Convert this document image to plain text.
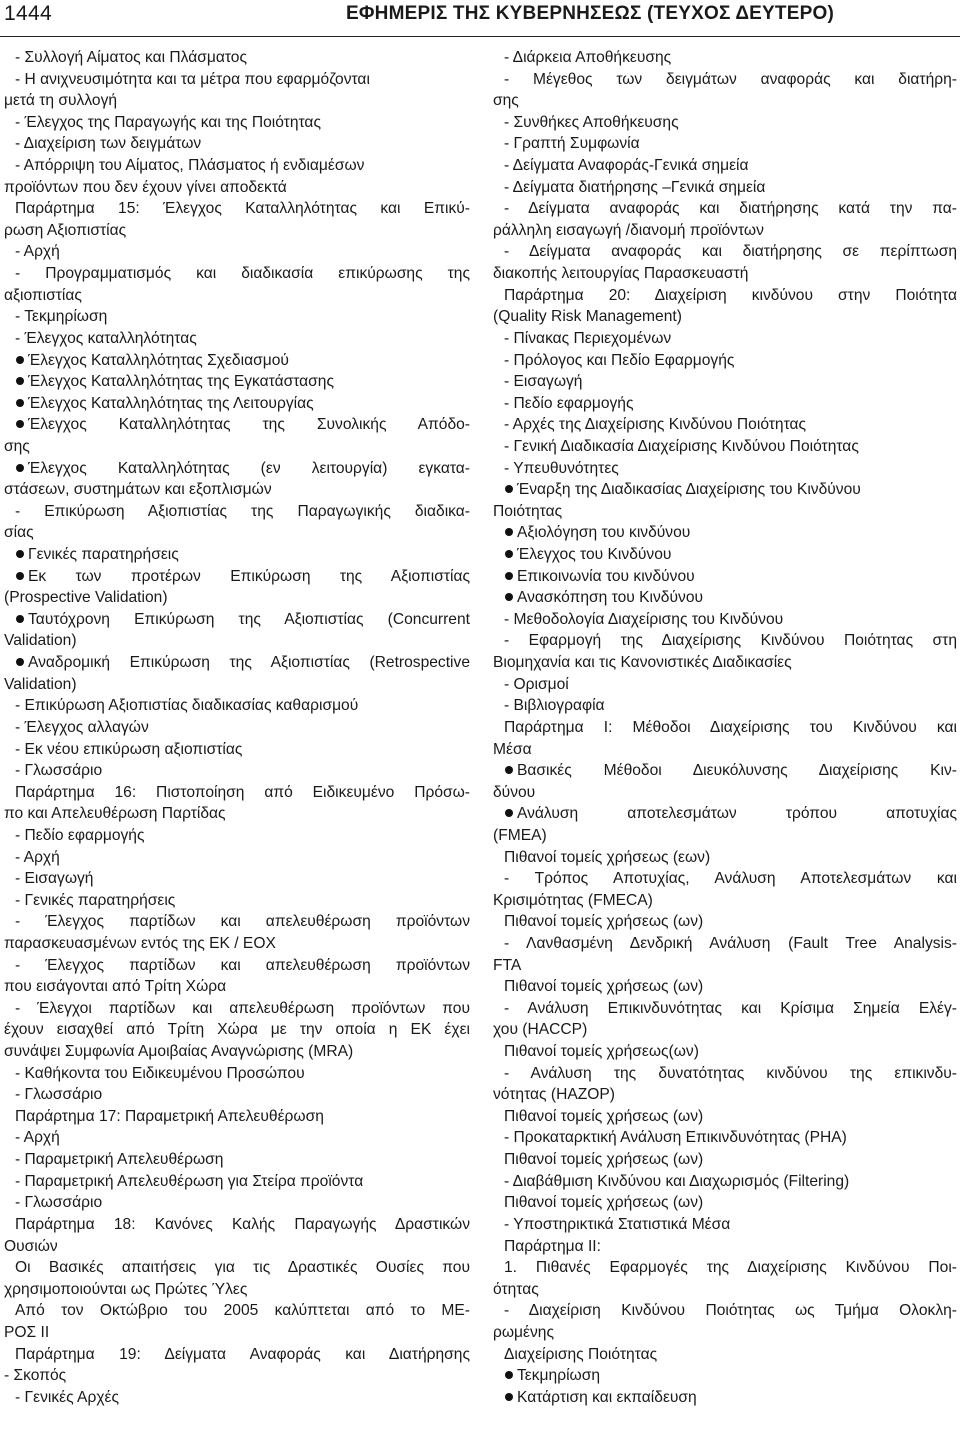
1444	ΕΦΗΜΕΡΙΣ ΤΗΣ ΚΥΒΕΡΝΗΣΕΩΣ (ΤΕΥΧΟΣ ΔΕΥΤΕΡΟ)
- Συλλογή Αίματος και Πλάσματος
- Η ανιχνευσιμότητα και τα μέτρα που εφαρμόζονται
μετά τη συλλογή
- Έλεγχος της Παραγωγής και της Ποιότητας
- Διαχείριση των δειγμάτων
- Απόρριψη του Αίματος, Πλάσματος ή ενδιαμέσων
προϊόντων που δεν έχουν γίνει αποδεκτά
Παράρτημα 15: Έλεγχος Καταλληλότητας και Επικύ-
ρωση Αξιοπιστίας
- Αρχή
- Προγραμματισμός και διαδικασία επικύρωσης της
αξιοπιστίας
- Τεκμηρίωση
- Έλεγχος καταλληλότητας
Έλεγχος Καταλληλότητας Σχεδιασμού
Έλεγχος Καταλληλότητας της Εγκατάστασης
Έλεγχος Καταλληλότητας της Λειτουργίας
Έλεγχος Καταλληλότητας της Συνολικής Απόδο-
σης
Έλεγχος Καταλληλότητας (εν λειτουργία) εγκατα-
στάσεων, συστημάτων και εξοπλισμών
- Επικύρωση Αξιοπιστίας της Παραγωγικής διαδικα-
σίας
Γενικές παρατηρήσεις
Εκ των προτέρων Επικύρωση της Αξιοπιστίας
(Prospective Validation)
Ταυτόχρονη Επικύρωση της Αξιοπιστίας (Concurrent
Validation)
Αναδρομική Επικύρωση της Αξιοπιστίας (Retrospective
Validation)
- Επικύρωση Αξιοπιστίας διαδικασίας καθαρισμού
- Έλεγχος αλλαγών
- Εκ νέου επικύρωση αξιοπιστίας
- Γλωσσάριο
Παράρτημα 16: Πιστοποίηση από Ειδικευμένο Πρόσω-
πο και Απελευθέρωση Παρτίδας
- Πεδίο εφαρμογής
- Αρχή
- Εισαγωγή
- Γενικές παρατηρήσεις
- Έλεγχος παρτίδων και απελευθέρωση προϊόντων
παρασκευασμένων εντός της ΕΚ / ΕΟΧ
- Έλεγχος παρτίδων και απελευθέρωση προϊόντων
που εισάγονται από Τρίτη Χώρα
- Έλεγχοι παρτίδων και απελευθέρωση προϊόντων που
έχουν εισαχθεί από Τρίτη Χώρα με την οποία η ΕΚ έχει
συνάψει Συμφωνία Αμοιβαίας Αναγνώρισης (MRA)
- Καθήκοντα του Ειδικευμένου Προσώπου
- Γλωσσάριο
Παράρτημα 17: Παραμετρική Απελευθέρωση
- Αρχή
- Παραμετρική Απελευθέρωση
- Παραμετρική Απελευθέρωση για Στείρα προϊόντα
- Γλωσσάριο
Παράρτημα 18: Κανόνες Καλής Παραγωγής Δραστικών
Ουσιών
Οι Βασικές απαιτήσεις για τις Δραστικές Ουσίες που
χρησιμοποιούνται ως Πρώτες Ύλες
Από τον Οκτώβριο του 2005 καλύπτεται από το ΜΕ-
ΡΟΣ ΙΙ
Παράρτημα 19: Δείγματα Αναφοράς και Διατήρησης
- Σκοπός
- Γενικές Αρχές
- Διάρκεια Αποθήκευσης
- Μέγεθος των δειγμάτων αναφοράς και διατήρη-
σης
- Συνθήκες Αποθήκευσης
- Γραπτή Συμφωνία
- Δείγματα Αναφοράς-Γενικά σημεία
- Δείγματα διατήρησης –Γενικά σημεία
- Δείγματα αναφοράς και διατήρησης κατά την πα-
ράλληλη εισαγωγή /διανομή προϊόντων
- Δείγματα αναφοράς και διατήρησης σε περίπτωση
διακοπής λειτουργίας Παρασκευαστή
Παράρτημα 20: Διαχείριση κινδύνου στην Ποιότητα
(Quality Risk Management)
- Πίνακας Περιεχομένων
- Πρόλογος και Πεδίο Εφαρμογής
- Εισαγωγή
- Πεδίο εφαρμογής
- Αρχές της Διαχείρισης Κινδύνου Ποιότητας
- Γενική Διαδικασία Διαχείρισης Κινδύνου Ποιότητας
- Υπευθυνότητες
Έναρξη της Διαδικασίας Διαχείρισης του Κινδύνου
Ποιότητας
Αξιολόγηση του κινδύνου
Έλεγχος του Κινδύνου
Επικοινωνία του κινδύνου
Ανασκόπηση του Κινδύνου
- Μεθοδολογία Διαχείρισης του Κινδύνου
- Εφαρμογή της Διαχείρισης Κινδύνου Ποιότητας στη
Βιομηχανία και τις Κανονιστικές Διαδικασίες
- Ορισμοί
- Βιβλιογραφία
Παράρτημα Ι: Μέθοδοι Διαχείρισης του Κινδύνου και
Μέσα
Βασικές Μέθοδοι Διευκόλυνσης Διαχείρισης Κιν-
δύνου
Ανάλυση αποτελεσμάτων τρόπου αποτυχίας
(FMEA)
Πιθανοί τομείς χρήσεως (εων)
- Τρόπος Αποτυχίας, Ανάλυση Αποτελεσμάτων και
Κρισιμότητας (FMECA)
Πιθανοί τομείς χρήσεως (ων)
- Λανθασμένη Δενδρική Ανάλυση (Fault Tree Analysis-
FTA
Πιθανοί τομείς χρήσεως (ων)
- Ανάλυση Επικινδυνότητας και Κρίσιμα Σημεία Ελέγ-
χου (HACCP)
Πιθανοί τομείς χρήσεως(ων)
- Ανάλυση της δυνατότητας κινδύνου της επικινδυ-
νότητας (HAZOP)
Πιθανοί τομείς χρήσεως (ων)
- Προκαταρκτική Ανάλυση Επικινδυνότητας (PHA)
Πιθανοί τομείς χρήσεως (ων)
- Διαβάθμιση Κινδύνου και Διαχωρισμός (Filtering)
Πιθανοί τομείς χρήσεως (ων)
- Υποστηρικτικά Στατιστικά Μέσα
Παράρτημα ΙΙ:
1. Πιθανές Εφαρμογές της Διαχείρισης Κινδύνου Ποι-
ότητας
- Διαχείριση Κινδύνου Ποιότητας ως Τμήμα Ολοκλη-
ρωμένης
Διαχείρισης Ποιότητας
Τεκμηρίωση
Κατάρτιση και εκπαίδευση
